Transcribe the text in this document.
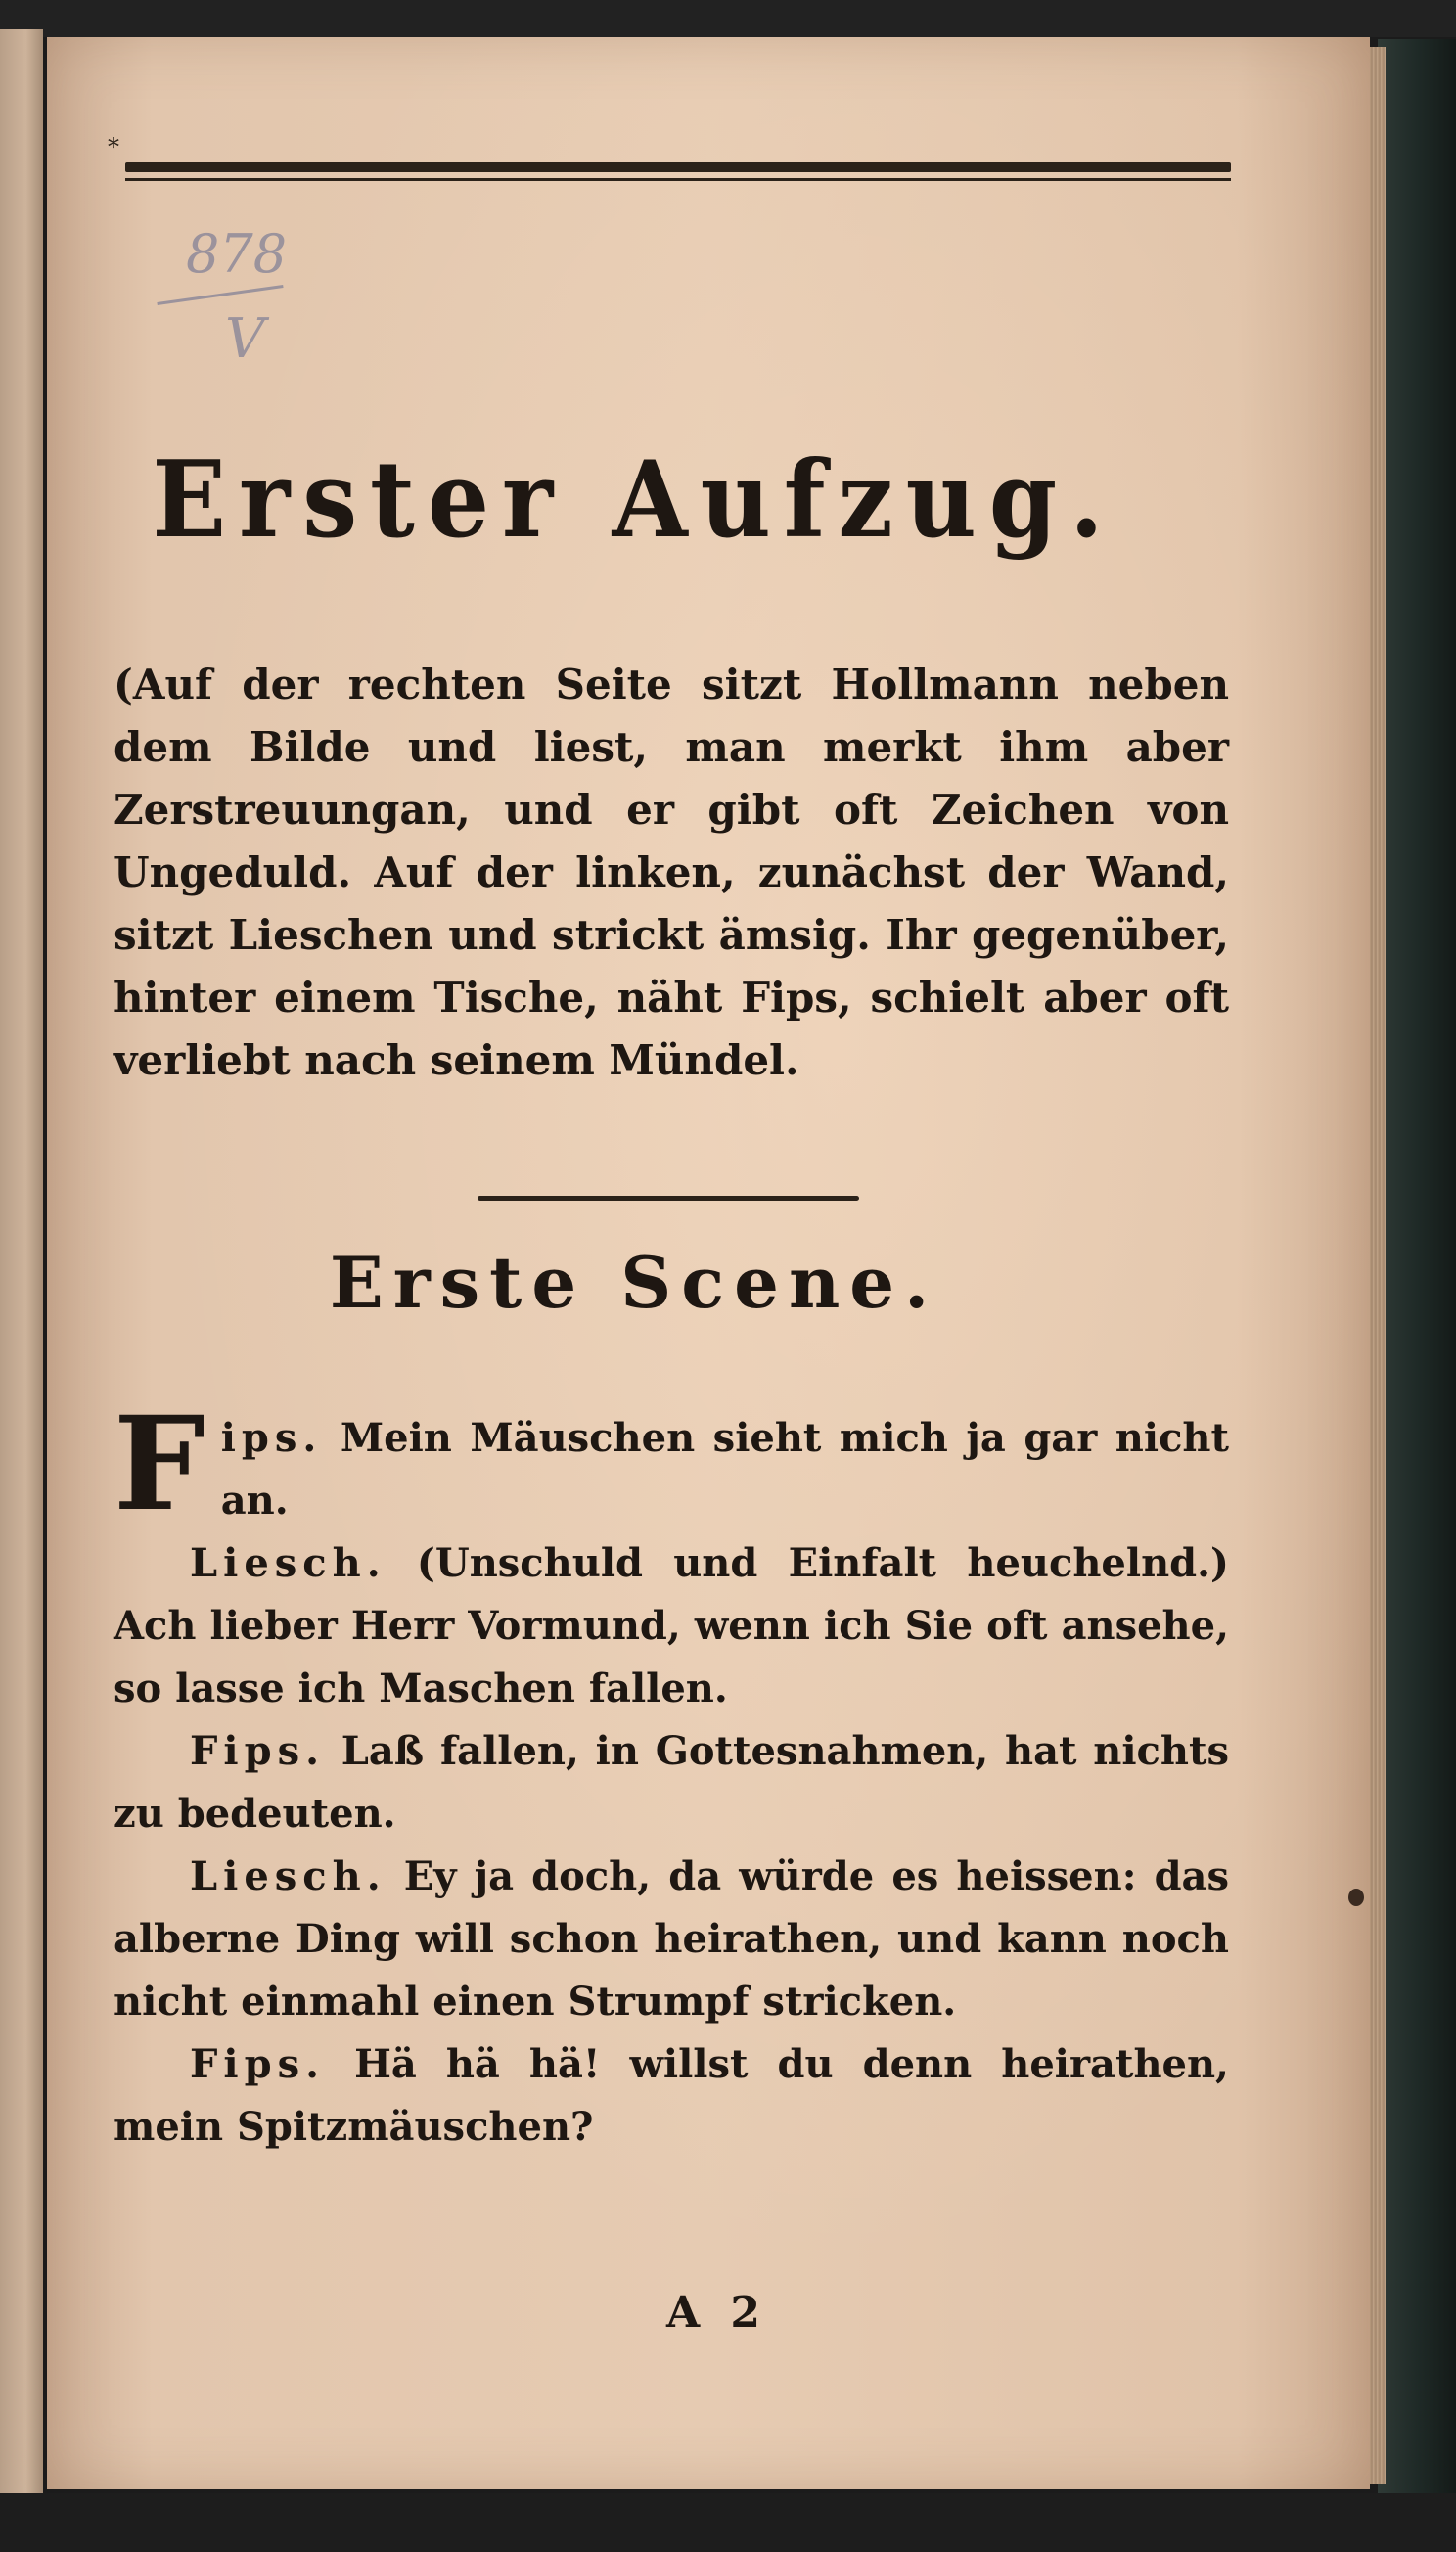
*
878
V
Erster Aufzug.
(Auf der rechten Seite sitzt Hollmann neben dem Bilde und liest, man merkt ihm aber Zerstreuungan, und er gibt oft Zeichen von Ungeduld. Auf der linken, zunächst der Wand, sitzt Lieschen und strickt ämsig. Ihr gegenüber, hinter einem Tische, näht Fips, schielt aber oft verliebt nach seinem Mündel.
Erste Scene.

Fips. Mein Mäuschen sieht mich ja gar nicht an.

Liesch. (Unschuld und Einfalt heuchelnd.) Ach lieber Herr Vormund, wenn ich Sie oft ansehe, so lasse ich Maschen fallen.

Fips. Laß fallen, in Gottesnahmen, hat nichts zu bedeuten.

Liesch. Ey ja doch, da würde es heissen: das alberne Ding will schon heirathen, und kann noch nicht einmahl einen Strumpf stricken.

Fips. Hä hä hä! willst du denn heirathen, mein Spitzmäuschen?

A 2
